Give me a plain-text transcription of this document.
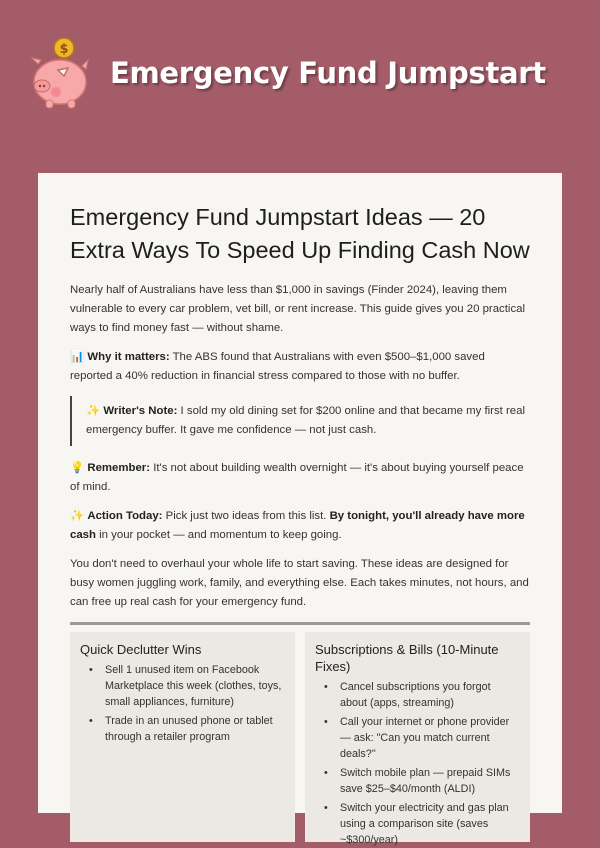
$
Emergency Fund Jumpstart
Emergency Fund Jumpstart Ideas — 20 Extra Ways To Speed Up Finding Cash Now

Nearly half of Australians have less than $1,000 in savings (Finder 2024), leaving them vulnerable to every car problem, vet bill, or rent increase. This guide gives you 20 practical ways to find money fast — without shame.

📊 Why it matters: The ABS found that Australians with even $500–$1,000 saved reported a 40% reduction in financial stress compared to those with no buffer.

✨ Writer's Note: I sold my old dining set for $200 online and that became my first real emergency buffer. It gave me confidence — not just cash.

💡 Remember: It's not about building wealth overnight — it's about buying yourself peace of mind.

✨ Action Today: Pick just two ideas from this list. By tonight, you'll already have more cash in your pocket — and momentum to keep going.

You don't need to overhaul your whole life to start saving. These ideas are designed for busy women juggling work, family, and everything else. Each takes minutes, not hours, and can free up real cash for your emergency fund.

Quick Declutter Wins
• Sell 1 unused item on Facebook Marketplace this week (clothes, toys, small appliances, furniture)
• Trade in an unused phone or tablet through a retailer program
Subscriptions & Bills (10-Minute Fixes)
• Cancel subscriptions you forgot about (apps, streaming)
• Call your internet or phone provider — ask: "Can you match current deals?"
• Switch mobile plan — prepaid SIMs save $25–$40/month (ALDI)
• Switch your electricity and gas plan using a comparison site (saves ~$300/year)
